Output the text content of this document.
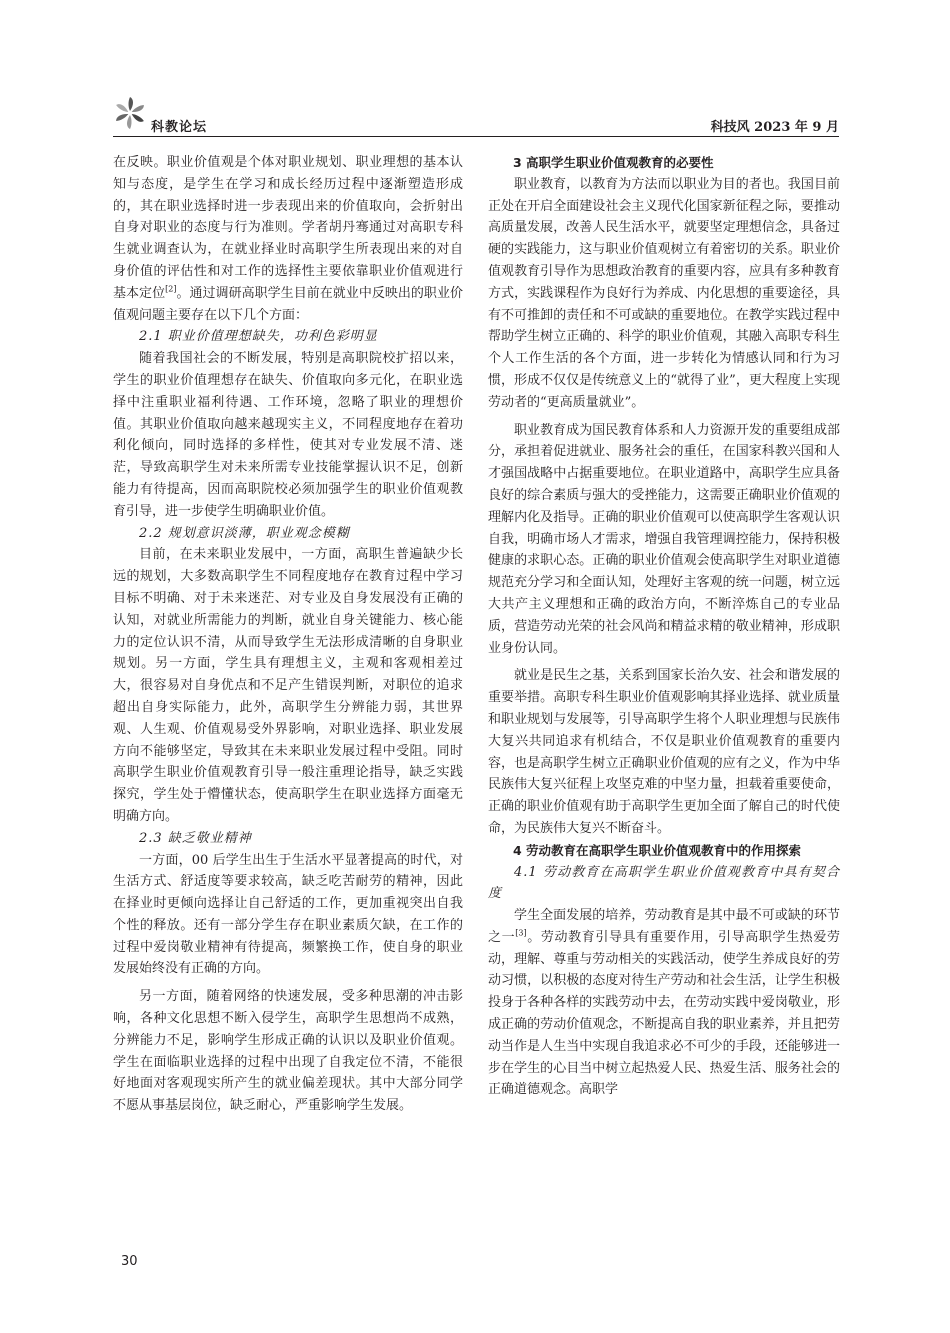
科教论坛	科技风 2023 年 9 月

在反映。职业价值观是个体对职业规划、职业理想的基本认知与态度，是学生在学习和成长经历过程中逐渐塑造形成的，其在职业选择时进一步表现出来的价值取向，会折射出自身对职业的态度与行为准则。学者胡丹骞通过对高职专科生就业调查认为，在就业择业时高职学生所表现出来的对自身价值的评估性和对工作的选择性主要依靠职业价值观进行基本定位[2]。通过调研高职学生目前在就业中反映出的职业价值观问题主要存在以下几个方面：

2.1 职业价值理想缺失，功利色彩明显

随着我国社会的不断发展，特别是高职院校扩招以来，学生的职业价值理想存在缺失、价值取向多元化，在职业选择中注重职业福利待遇、工作环境，忽略了职业的理想价值。其职业价值取向越来越现实主义，不同程度地存在着功利化倾向，同时选择的多样性，使其对专业发展不清、迷茫，导致高职学生对未来所需专业技能掌握认识不足，创新能力有待提高，因而高职院校必须加强学生的职业价值观教育引导，进一步使学生明确职业价值。

2.2 规划意识淡薄，职业观念模糊

目前，在未来职业发展中，一方面，高职生普遍缺少长远的规划，大多数高职学生不同程度地存在教育过程中学习目标不明确、对于未来迷茫、对专业及自身发展没有正确的认知，对就业所需能力的判断，就业自身关键能力、核心能力的定位认识不清，从而导致学生无法形成清晰的自身职业规划。另一方面，学生具有理想主义，主观和客观相差过大，很容易对自身优点和不足产生错误判断，对职位的追求超出自身实际能力，此外，高职学生分辨能力弱，其世界观、人生观、价值观易受外界影响，对职业选择、职业发展方向不能够坚定，导致其在未来职业发展过程中受阻。同时高职学生职业价值观教育引导一般注重理论指导，缺乏实践探究，学生处于懵懂状态，使高职学生在职业选择方面毫无明确方向。

2.3 缺乏敬业精神

一方面，00 后学生出生于生活水平显著提高的时代，对生活方式、舒适度等要求较高，缺乏吃苦耐劳的精神，因此在择业时更倾向选择让自己舒适的工作，更加重视突出自我个性的释放。还有一部分学生存在职业素质欠缺，在工作的过程中爱岗敬业精神有待提高，频繁换工作，使自身的职业发展始终没有正确的方向。

另一方面，随着网络的快速发展，受多种思潮的冲击影响，各种文化思想不断入侵学生，高职学生思想尚不成熟，分辨能力不足，影响学生形成正确的认识以及职业价值观。学生在面临职业选择的过程中出现了自我定位不清，不能很好地面对客观现实所产生的就业偏差现状。其中大部分同学不愿从事基层岗位，缺乏耐心，严重影响学生发展。

3 高职学生职业价值观教育的必要性

职业教育，以教育为方法而以职业为目的者也。我国目前正处在开启全面建设社会主义现代化国家新征程之际，要推动高质量发展，改善人民生活水平，就要坚定理想信念，具备过硬的实践能力，这与职业价值观树立有着密切的关系。职业价值观教育引导作为思想政治教育的重要内容，应具有多种教育方式，实践课程作为良好行为养成、内化思想的重要途径，具有不可推卸的责任和不可或缺的重要地位。在教学实践过程中帮助学生树立正确的、科学的职业价值观，其融入高职专科生个人工作生活的各个方面，进一步转化为情感认同和行为习惯，形成不仅仅是传统意义上的“就得了业”，更大程度上实现劳动者的“更高质量就业”。

职业教育成为国民教育体系和人力资源开发的重要组成部分，承担着促进就业、服务社会的重任，在国家科教兴国和人才强国战略中占据重要地位。在职业道路中，高职学生应具备良好的综合素质与强大的受挫能力，这需要正确职业价值观的理解内化及指导。正确的职业价值观可以使高职学生客观认识自我，明确市场人才需求，增强自我管理调控能力，保持积极健康的求职心态。正确的职业价值观会使高职学生对职业道德规范充分学习和全面认知，处理好主客观的统一问题，树立远大共产主义理想和正确的政治方向，不断淬炼自己的专业品质，营造劳动光荣的社会风尚和精益求精的敬业精神，形成职业身份认同。

就业是民生之基，关系到国家长治久安、社会和谐发展的重要举措。高职专科生职业价值观影响其择业选择、就业质量和职业规划与发展等，引导高职学生将个人职业理想与民族伟大复兴共同追求有机结合，不仅是职业价值观教育的重要内容，也是高职学生树立正确职业价值观的应有之义，作为中华民族伟大复兴征程上攻坚克难的中坚力量，担载着重要使命，正确的职业价值观有助于高职学生更加全面了解自己的时代使命，为民族伟大复兴不断奋斗。

4 劳动教育在高职学生职业价值观教育中的作用探索
4.1 劳动教育在高职学生职业价值观教育中具有契合度

学生全面发展的培养，劳动教育是其中最不可或缺的环节之一[3]。劳动教育引导具有重要作用，引导高职学生热爱劳动，理解、尊重与劳动相关的实践活动，使学生养成良好的劳动习惯，以积极的态度对待生产劳动和社会生活，让学生积极投身于各种各样的实践劳动中去，在劳动实践中爱岗敬业，形成正确的劳动价值观念，不断提高自我的职业素养，并且把劳动当作是人生当中实现自我追求必不可少的手段，还能够进一步在学生的心目当中树立起热爱人民、热爱生活、服务社会的正确道德观念。高职学

30
